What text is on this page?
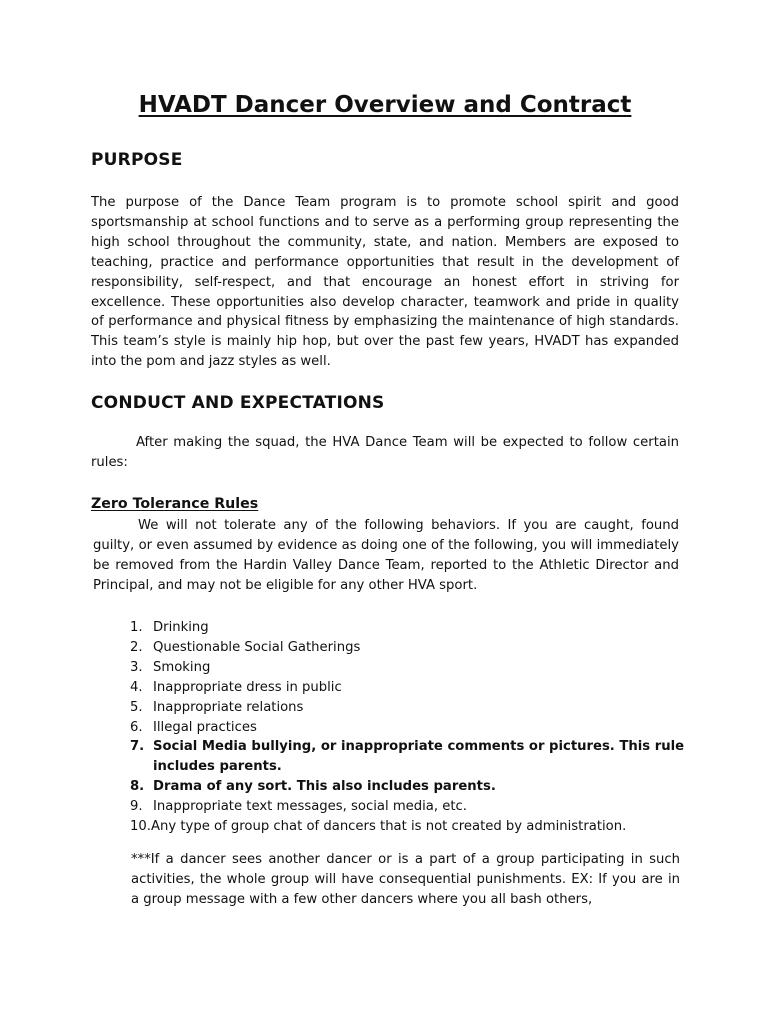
HVADT Dancer Overview and Contract
PURPOSE

The purpose of the Dance Team program is to promote school spirit and good sportsmanship at school functions and to serve as a performing group representing the high school throughout the community, state, and nation. Members are exposed to teaching, practice and performance opportunities that result in the development of responsibility, self-respect, and that encourage an honest effort in striving for excellence. These opportunities also develop character, teamwork and pride in quality of performance and physical fitness by emphasizing the maintenance of high standards. This team’s style is mainly hip hop, but over the past few years, HVADT has expanded into the pom and jazz styles as well.

CONDUCT AND EXPECTATIONS

After making the squad, the HVA Dance Team will be expected to follow certain rules:

Zero Tolerance Rules

We will not tolerate any of the following behaviors. If you are caught, found guilty, or even assumed by evidence as doing one of the following, you will immediately be removed from the Hardin Valley Dance Team, reported to the Athletic Director and Principal, and may not be eligible for any other HVA sport.

1. Drinking
2. Questionable Social Gatherings
3. Smoking
4. Inappropriate dress in public
5. Inappropriate relations
6. Illegal practices
7. Social Media bullying, or inappropriate comments or pictures. This rule includes parents.
8. Drama of any sort. This also includes parents.
9. Inappropriate text messages, social media, etc.
10.Any type of group chat of dancers that is not created by administration.

***If a dancer sees another dancer or is a part of a group participating in such activities, the whole group will have consequential punishments. EX: If you are in a group message with a few other dancers where you all bash others,
